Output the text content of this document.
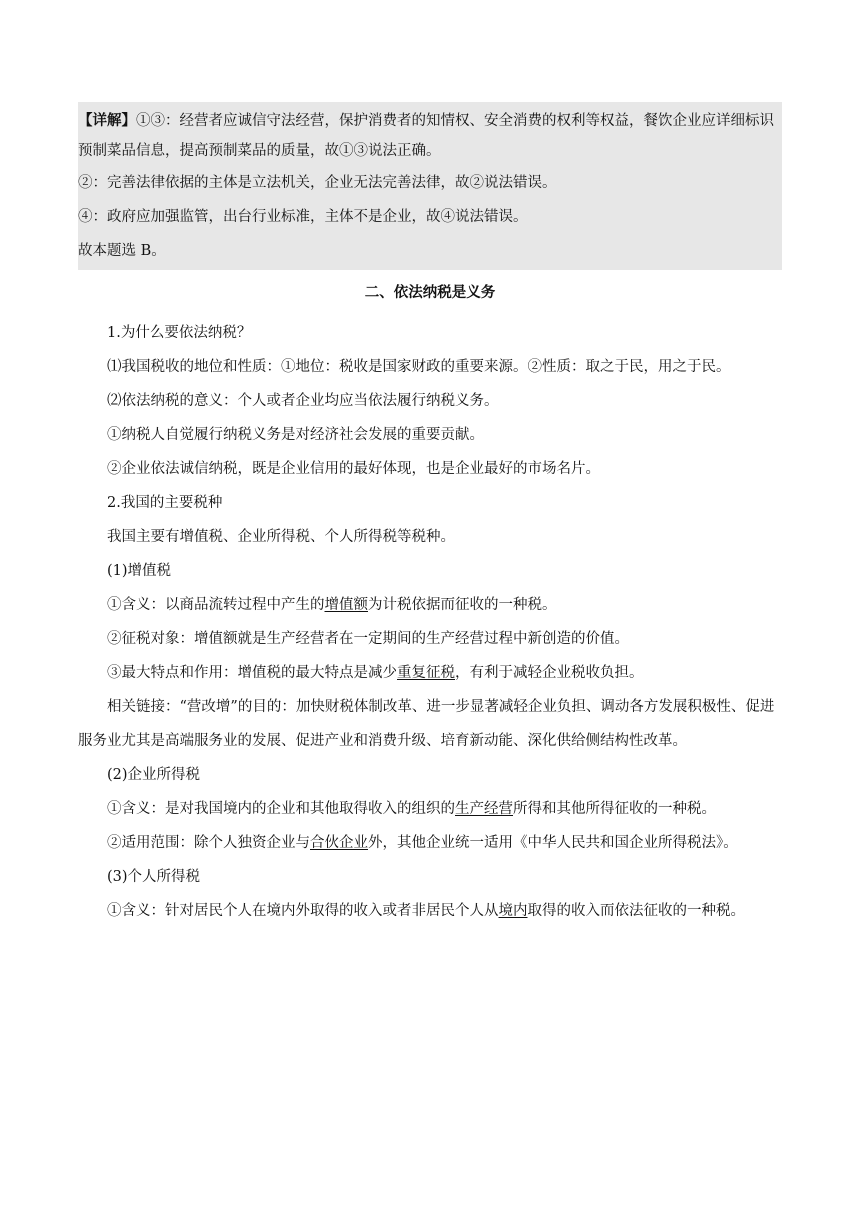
【详解】①③：经营者应诚信守法经营，保护消费者的知情权、安全消费的权利等权益，餐饮企业应详细标识预制菜品信息，提高预制菜品的质量，故①③说法正确。

②：完善法律依据的主体是立法机关，企业无法完善法律，故②说法错误。

④：政府应加强监管，出台行业标准，主体不是企业，故④说法错误。

故本题选 B。

二、依法纳税是义务

1.为什么要依法纳税？

⑴我国税收的地位和性质：①地位：税收是国家财政的重要来源。②性质：取之于民，用之于民。

⑵依法纳税的意义：个人或者企业均应当依法履行纳税义务。

①纳税人自觉履行纳税义务是对经济社会发展的重要贡献。

②企业依法诚信纳税，既是企业信用的最好体现，也是企业最好的市场名片。

2.我国的主要税种

我国主要有增值税、企业所得税、个人所得税等税种。

(1)增值税

①含义：以商品流转过程中产生的增值额为计税依据而征收的一种税。

②征税对象：增值额就是生产经营者在一定期间的生产经营过程中新创造的价值。

③最大特点和作用：增值税的最大特点是减少重复征税，有利于减轻企业税收负担。

相关链接：“营改增”的目的：加快财税体制改革、进一步显著减轻企业负担、调动各方发展积极性、促进服务业尤其是高端服务业的发展、促进产业和消费升级、培育新动能、深化供给侧结构性改革。

(2)企业所得税

①含义：是对我国境内的企业和其他取得收入的组织的生产经营所得和其他所得征收的一种税。

②适用范围：除个人独资企业与合伙企业外，其他企业统一适用《中华人民共和国企业所得税法》。

(3)个人所得税

①含义：针对居民个人在境内外取得的收入或者非居民个人从境内取得的收入而依法征收的一种税。
